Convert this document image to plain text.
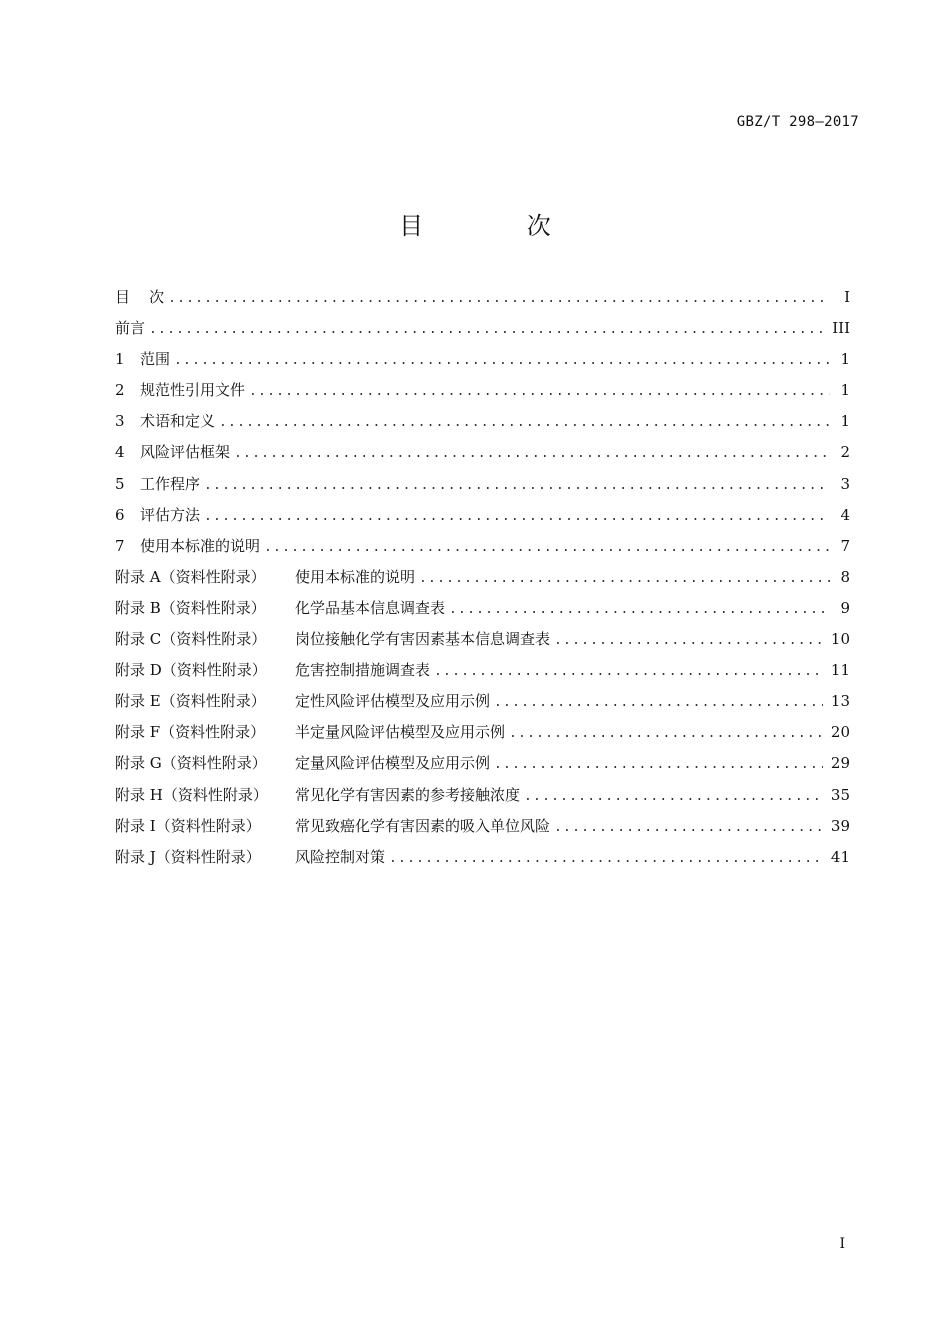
GBZ/T 298—2017
目 次
目    次 .....	I
前言 .....	III
1	范围 .....	1
2	规范性引用文件 .....	1
3	术语和定义 .....	1
4	风险评估框架 .....	2
5	工作程序 .....	3
6	评估方法 .....	4
7	使用本标准的说明 .....	7
附录 A（资料性附录）	使用本标准的说明 .....	8
附录 B（资料性附录）	化学品基本信息调查表 .....	9
附录 C（资料性附录）	岗位接触化学有害因素基本信息调查表 .....	10
附录 D（资料性附录）	危害控制措施调查表 .....	11
附录 E（资料性附录）	定性风险评估模型及应用示例 .....	13
附录 F（资料性附录）	半定量风险评估模型及应用示例 .....	20
附录 G（资料性附录）	定量风险评估模型及应用示例 .....	29
附录 H（资料性附录）	常见化学有害因素的参考接触浓度 .....	35
附录 I（资料性附录）	常见致癌化学有害因素的吸入单位风险 .....	39
附录 J（资料性附录）	风险控制对策 .....	41
I
